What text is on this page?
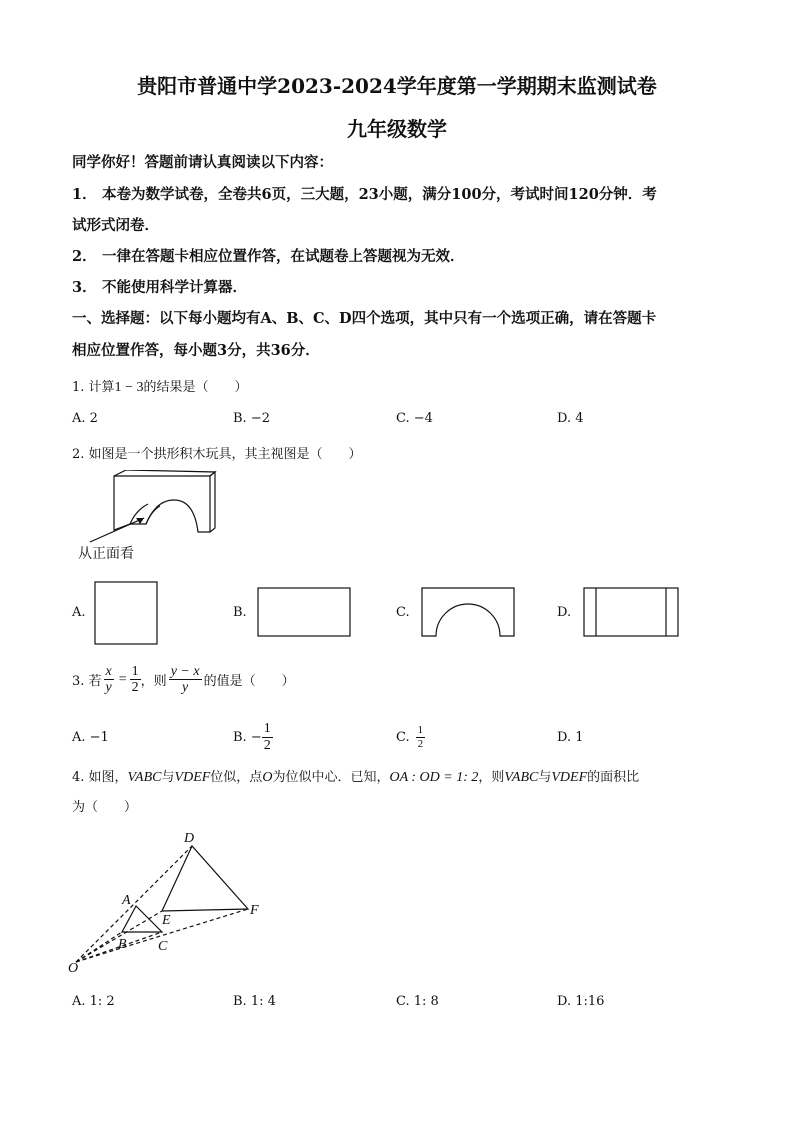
贵阳市普通中学2023-2024学年度第一学期期末监测试卷
九年级数学
同学你好！答题前请认真阅读以下内容：
1． 本卷为数学试卷，全卷共6页，三大题，23小题，满分100分，考试时间120分钟．考
试形式闭卷．
2． 一律在答题卡相应位置作答，在试题卷上答题视为无效．
3． 不能使用科学计算器．
一、选择题：以下每小题均有A、B、C、D四个选项，其中只有一个选项正确，请在答题卡
相应位置作答，每小题3分，共36分．
1. 计算1 − 3的结果是（　　）
A. 2	B. −2	C. −4	D. 4
2. 如图是一个拱形积木玩具，其主视图是（　　）
从正面看
A.	B.	C.	D.
3. 若 $\frac{x}{y} = \frac{1}{2}$ ，则 $\frac{y - x}{y}$ 的值是（　　）
A. −1	B. − $\frac{1}{2}$	C. $\frac{1}{2}$	D. 1
4. 如图，VABC与VDEF位似，点O为位似中心．已知，OA : OD = 1: 2，则VABC与VDEF的面积比
为（　　）
D
A
E
F
B C
O
A. 1: 2	B. 1: 4	C. 1: 8	D. 1:16
